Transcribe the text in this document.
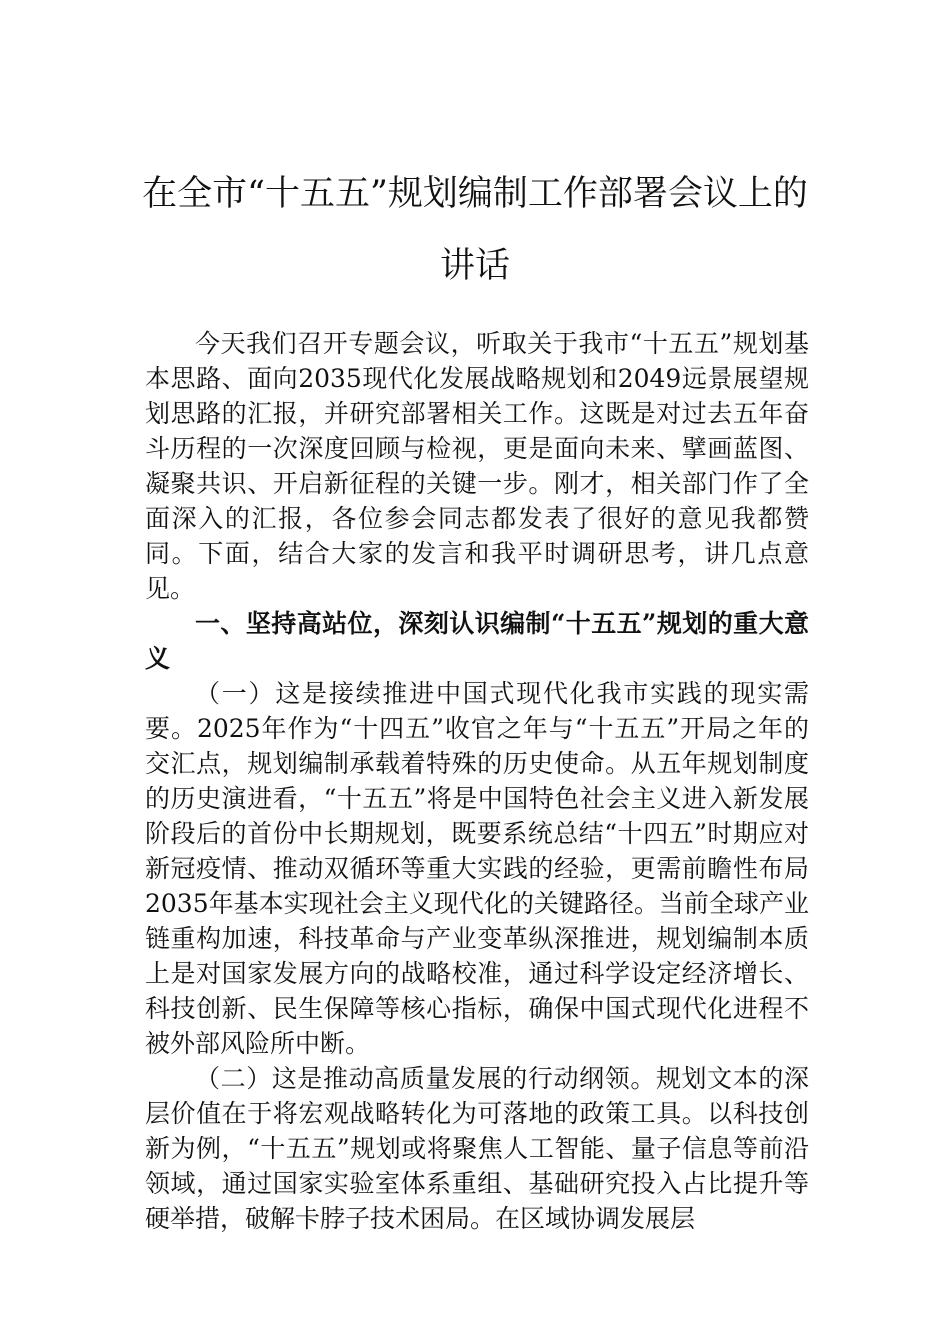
在全市“十五五”规划编制工作部署会议上的
讲话

今天我们召开专题会议，听取关于我市“十五五”规划基本思路、面向2035现代化发展战略规划和2049远景展望规划思路的汇报，并研究部署相关工作。这既是对过去五年奋斗历程的一次深度回顾与检视，更是面向未来、擘画蓝图、凝聚共识、开启新征程的关键一步。刚才，相关部门作了全面深入的汇报，各位参会同志都发表了很好的意见我都赞同。下面，结合大家的发言和我平时调研思考，讲几点意见。

一、坚持高站位，深刻认识编制“十五五”规划的重大意义

（一）这是接续推进中国式现代化我市实践的现实需要。2025年作为“十四五”收官之年与“十五五”开局之年的交汇点，规划编制承载着特殊的历史使命。从五年规划制度的历史演进看，“十五五”将是中国特色社会主义进入新发展阶段后的首份中长期规划，既要系统总结“十四五”时期应对新冠疫情、推动双循环等重大实践的经验，更需前瞻性布局2035年基本实现社会主义现代化的关键路径。当前全球产业链重构加速，科技革命与产业变革纵深推进，规划编制本质上是对国家发展方向的战略校准，通过科学设定经济增长、科技创新、民生保障等核心指标，确保中国式现代化进程不被外部风险所中断。

（二）这是推动高质量发展的行动纲领。规划文本的深层价值在于将宏观战略转化为可落地的政策工具。以科技创新为例，“十五五”规划或将聚焦人工智能、量子信息等前沿领域，通过国家实验室体系重组、基础研究投入占比提升等硬举措，破解卡脖子技术困局。在区域协调发展层
